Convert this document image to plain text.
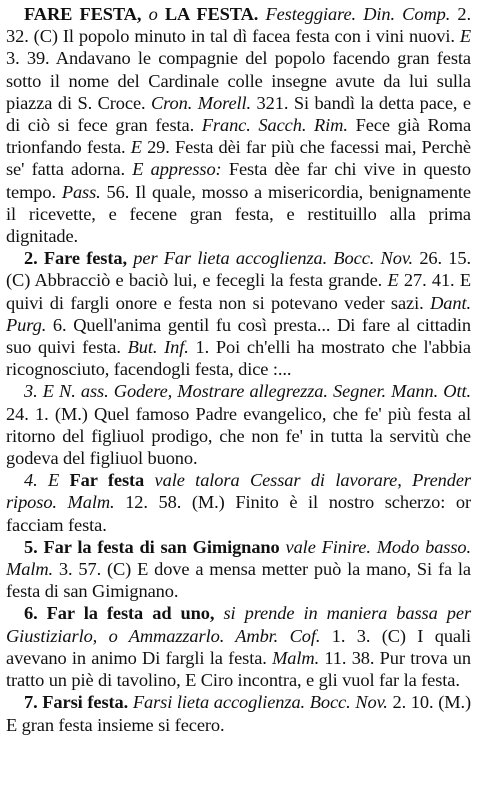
FARE FESTA, o LA FESTA. Festeggiare. Din. Comp. 2. 32. (C) Il popolo minuto in tal dì facea festa con i vini nuovi. E 3. 39. Andavano le compagnie del popolo facendo gran festa sotto il nome del Cardinale colle insegne avute da lui sulla piazza di S. Croce. Cron. Morell. 321. Si bandì la detta pace, e di ciò si fece gran festa. Franc. Sacch. Rim. Fece già Roma trionfando festa. E 29. Festa dèi far più che facessi mai, Perchè se' fatta adorna. E appresso: Festa dèe far chi vive in questo tempo. Pass. 56. Il quale, mosso a misericordia, benignamente il ricevette, e fecene gran festa, e restituillo alla prima dignitade.

2. Fare festa, per Far lieta accoglienza. Bocc. Nov. 26. 15. (C) Abbracciò e baciò lui, e fecegli la festa grande. E 27. 41. E quivi di fargli onore e festa non si potevano veder sazi. Dant. Purg. 6. Quell'anima gentil fu così presta... Di fare al cittadin suo quivi festa. But. Inf. 1. Poi ch'elli ha mostrato che l'abbia ricognosciuto, facendogli festa, dice :...

3. E N. ass. Godere, Mostrare allegrezza. Segner. Mann. Ott. 24. 1. (M.) Quel famoso Padre evangelico, che fe' più festa al ritorno del figliuol prodigo, che non fe' in tutta la servitù che godeva del figliuol buono.

4. E Far festa vale talora Cessar di lavorare, Prender riposo. Malm. 12. 58. (M.) Finito è il nostro scherzo: or facciam festa.

5. Far la festa di san Gimignano vale Finire. Modo basso. Malm. 3. 57. (C) E dove a mensa metter può la mano, Si fa la festa di san Gimignano.

6. Far la festa ad uno, si prende in maniera bassa per Giustiziarlo, o Ammazzarlo. Ambr. Cof. 1. 3. (C) I quali avevano in animo Di fargli la festa. Malm. 11. 38. Pur trova un tratto un piè di tavolino, E Ciro incontra, e gli vuol far la festa.

7. Farsi festa. Farsi lieta accoglienza. Bocc. Nov. 2. 10. (M.) E gran festa insieme si fecero.
